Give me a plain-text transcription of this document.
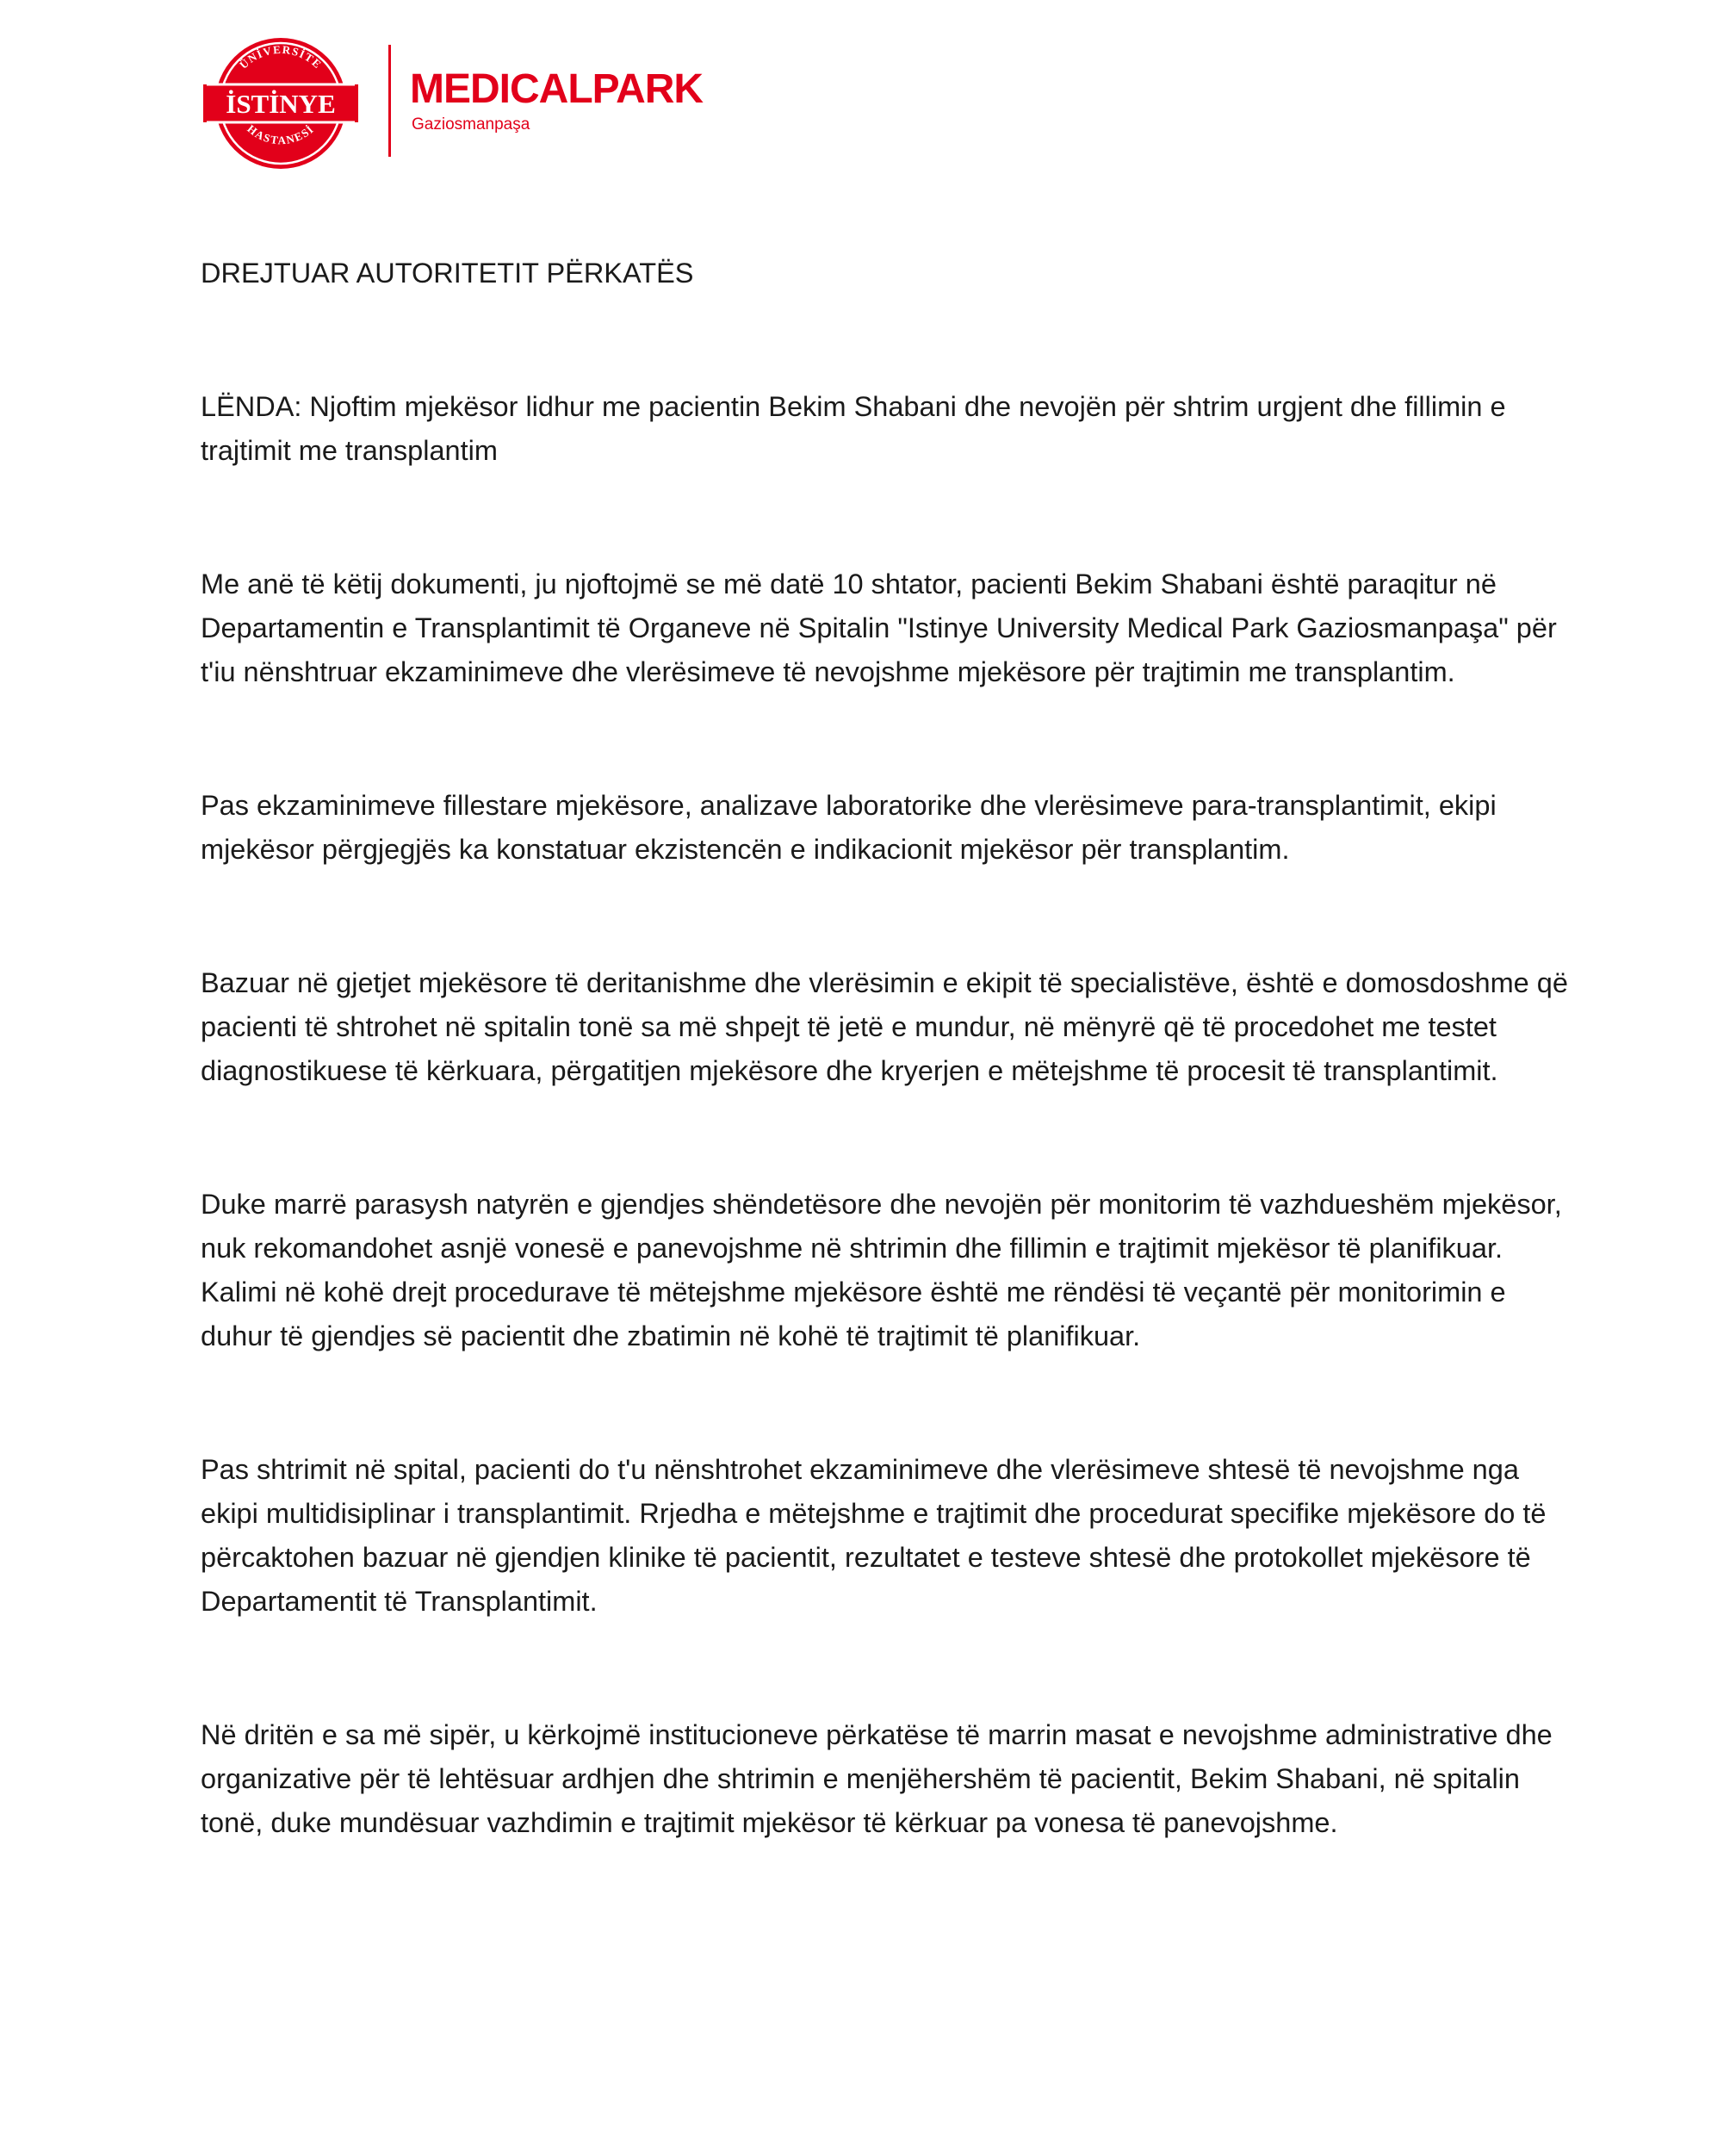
ÜNİVERSİTE
İSTİNYE
HASTANESİ
MEDICALPARK
Gaziosmanpaşa

DREJTUAR AUTORITETIT PËRKATËS

LËNDA: Njoftim mjekësor lidhur me pacientin Bekim Shabani dhe nevojën për shtrim urgjent dhe fillimin e trajtimit me transplantim

Me anë të këtij dokumenti, ju njoftojmë se më datë 10 shtator, pacienti Bekim Shabani është paraqitur në Departamentin e Transplantimit të Organeve në Spitalin "Istinye University Medical Park Gaziosmanpaşa" për t'iu nënshtruar ekzaminimeve dhe vlerësimeve të nevojshme mjekësore për trajtimin me transplantim.

Pas ekzaminimeve fillestare mjekësore, analizave laboratorike dhe vlerësimeve para-transplantimit, ekipi mjekësor përgjegjës ka konstatuar ekzistencën e indikacionit mjekësor për transplantim.

Bazuar në gjetjet mjekësore të deritanishme dhe vlerësimin e ekipit të specialistëve, është e domosdoshme që pacienti të shtrohet në spitalin tonë sa më shpejt të jetë e mundur, në mënyrë që të procedohet me testet diagnostikuese të kërkuara, përgatitjen mjekësore dhe kryerjen e mëtejshme të procesit të transplantimit.

Duke marrë parasysh natyrën e gjendjes shëndetësore dhe nevojën për monitorim të vazhdueshëm mjekësor, nuk rekomandohet asnjë vonesë e panevojshme në shtrimin dhe fillimin e trajtimit mjekësor të planifikuar. Kalimi në kohë drejt procedurave të mëtejshme mjekësore është me rëndësi të veçantë për monitorimin e duhur të gjendjes së pacientit dhe zbatimin në kohë të trajtimit të planifikuar.

Pas shtrimit në spital, pacienti do t'u nënshtrohet ekzaminimeve dhe vlerësimeve shtesë të nevojshme nga ekipi multidisiplinar i transplantimit. Rrjedha e mëtejshme e trajtimit dhe procedurat specifike mjekësore do të përcaktohen bazuar në gjendjen klinike të pacientit, rezultatet e testeve shtesë dhe protokollet mjekësore të Departamentit të Transplantimit.

Në dritën e sa më sipër, u kërkojmë institucioneve përkatëse të marrin masat e nevojshme administrative dhe organizative për të lehtësuar ardhjen dhe shtrimin e menjëhershëm të pacientit, Bekim Shabani, në spitalin tonë, duke mundësuar vazhdimin e trajtimit mjekësor të kërkuar pa vonesa të panevojshme.
